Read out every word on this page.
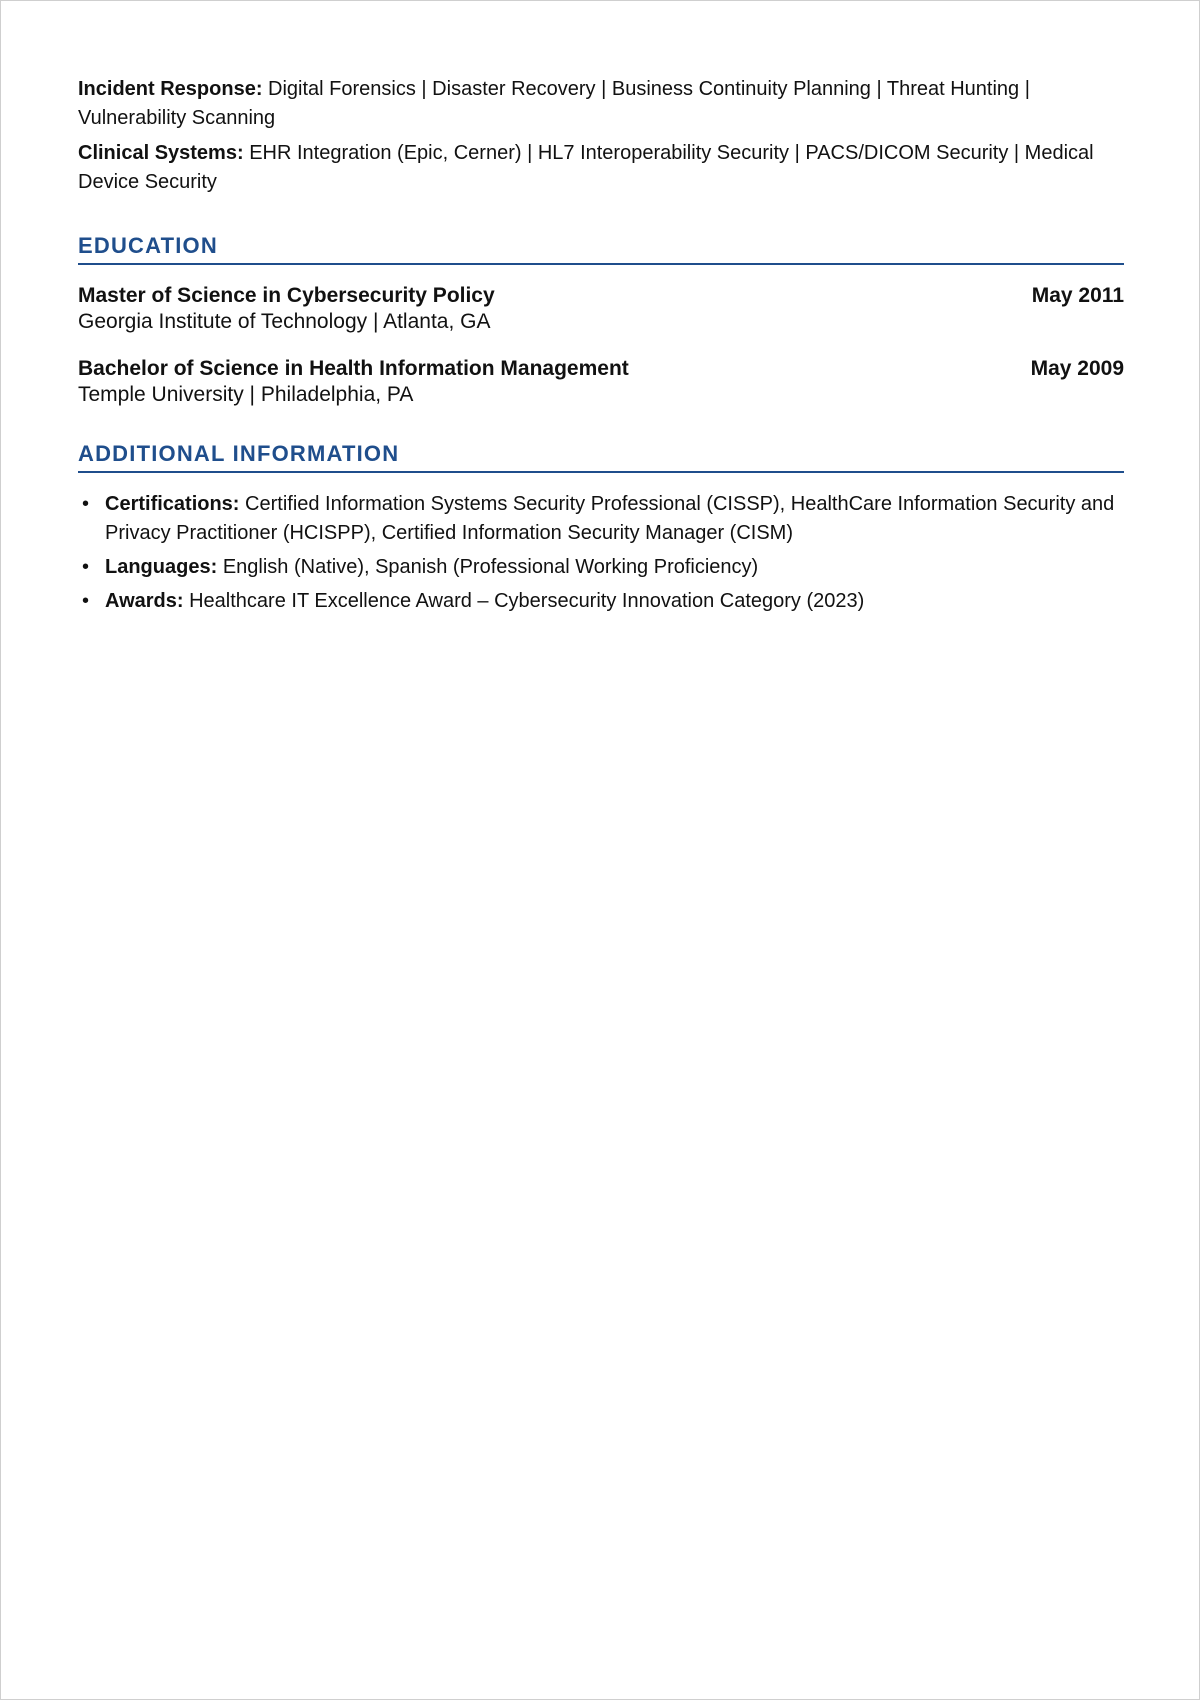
Incident Response: Digital Forensics | Disaster Recovery | Business Continuity Planning | Threat Hunting | Vulnerability Scanning

Clinical Systems: EHR Integration (Epic, Cerner) | HL7 Interoperability Security | PACS/DICOM Security | Medical Device Security

EDUCATION
Master of Science in Cybersecurity Policy	May 2011
Georgia Institute of Technology | Atlanta, GA
Bachelor of Science in Health Information Management	May 2009
Temple University | Philadelphia, PA
ADDITIONAL INFORMATION
• Certifications: Certified Information Systems Security Professional (CISSP), HealthCare Information Security and Privacy Practitioner (HCISPP), Certified Information Security Manager (CISM)
• Languages: English (Native), Spanish (Professional Working Proficiency)
• Awards: Healthcare IT Excellence Award – Cybersecurity Innovation Category (2023)
